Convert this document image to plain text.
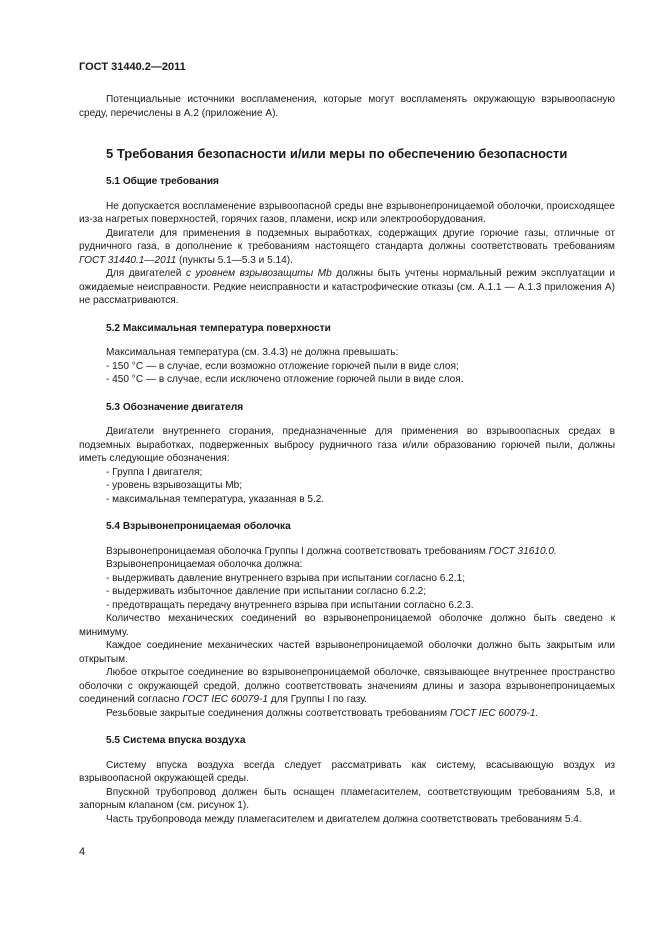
ГОСТ 31440.2—2011

Потенциальные источники воспламенения, которые могут воспламенять окружающую взрывоопасную среду, перечислены в А.2 (приложение А).

5 Требования безопасности и/или меры по обеспечению безопасности
5.1 Общие требования

Не допускается воспламенение взрывоопасной среды вне взрывонепроницаемой оболочки, происходящее из-за нагретых поверхностей, горячих газов, пламени, искр или электрооборудования.

Двигатели для применения в подземных выработках, содержащих другие горючие газы, отличные от рудничного газа, в дополнение к требованиям настоящего стандарта должны соответствовать требованиям ГОСТ 31440.1—2011 (пункты 5.1—5.3 и 5.14).

Для двигателей с уровнем взрывозащиты Mb должны быть учтены нормальный режим эксплуатации и ожидаемые неисправности. Редкие неисправности и катастрофические отказы (см. А.1.1 — А.1.3 приложения А) не рассматриваются.

5.2 Максимальная температура поверхности

Максимальная температура (см. 3.4.3) не должна превышать:

- 150 °C — в случае, если возможно отложение горючей пыли в виде слоя;

- 450 °C — в случае, если исключено отложение горючей пыли в виде слоя.

5.3 Обозначение двигателя

Двигатели внутреннего сгорания, предназначенные для применения во взрывоопасных средах в подземных выработках, подверженных выбросу рудничного газа и/или образованию горючей пыли, должны иметь следующие обозначения:

- Группа I двигателя;

- уровень взрывозащиты Mb;

- максимальная температура, указанная в 5.2.

5.4 Взрывонепроницаемая оболочка

Взрывонепроницаемая оболочка Группы I должна соответствовать требованиям ГОСТ 31610.0.

Взрывонепроницаемая оболочка должна:

- выдерживать давление внутреннего взрыва при испытании согласно 6.2.1;

- выдерживать избыточное давление при испытании согласно 6.2.2;

- предотвращать передачу внутреннего взрыва при испытании согласно 6.2.3.

Количество механических соединений во взрывонепроницаемой оболочке должно быть сведено к минимуму.

Каждое соединение механических частей взрывонепроницаемой оболочки должно быть закрытым или открытым.

Любое открытое соединение во взрывонепроницаемой оболочке, связывающее внутреннее пространство оболочки с окружающей средой, должно соответствовать значениям длины и зазора взрывонепроницаемых соединений согласно ГОСТ IEC 60079-1 для Группы I по газу.

Резьбовые закрытые соединения должны соответствовать требованиям ГОСТ IEC 60079-1.

5.5 Система впуска воздуха

Систему впуска воздуха всегда следует рассматривать как систему, всасывающую воздух из взрывоопасной окружающей среды.

Впускной трубопровод должен быть оснащен пламегасителем, соответствующим требованиям 5.8, и запорным клапаном (см. рисунок 1).

Часть трубопровода между пламегасителем и двигателем должна соответствовать требованиям 5.4.

4
